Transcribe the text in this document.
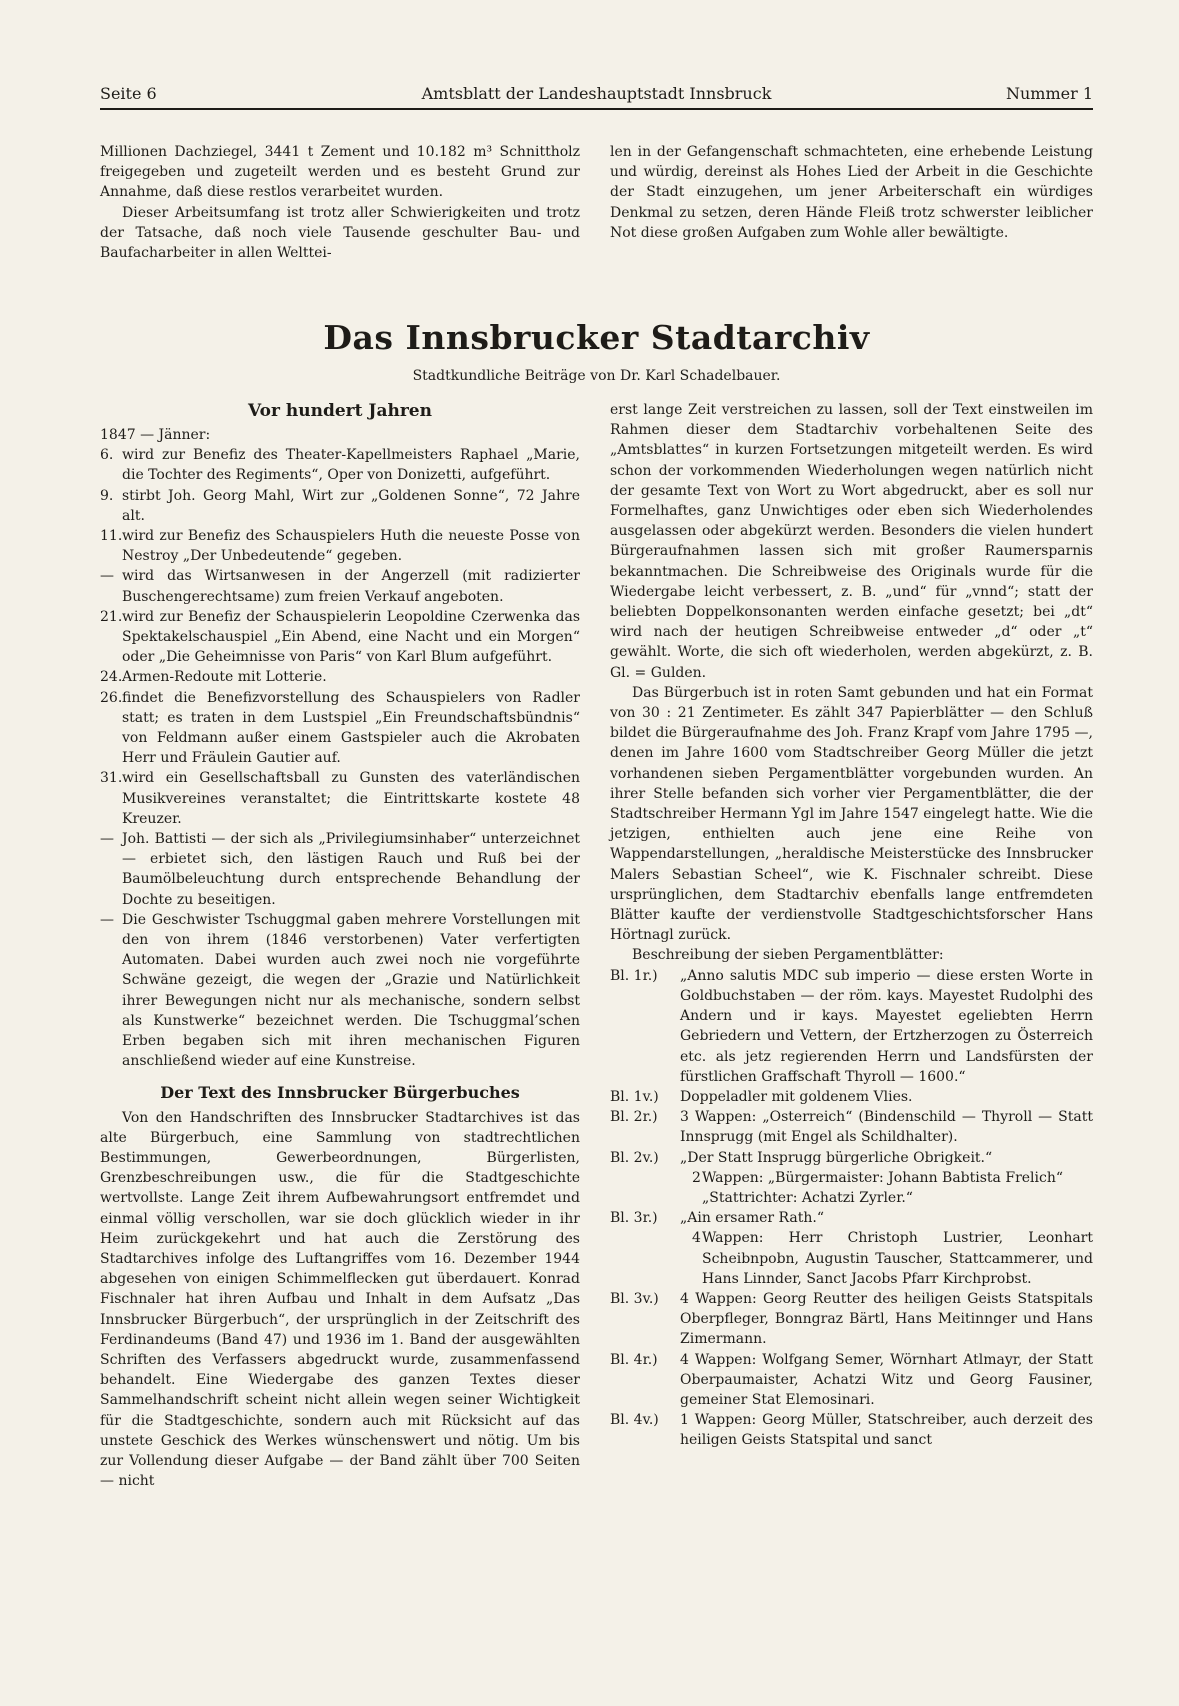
Seite 6	Amtsblatt der Landeshauptstadt Innsbruck	Nummer 1

Millionen Dachziegel, 3441 t Zement und 10.182 m³ Schnittholz freigegeben und zugeteilt werden und es besteht Grund zur Annahme, daß diese restlos verarbeitet wurden.

Dieser Arbeitsumfang ist trotz aller Schwierigkeiten und trotz der Tatsache, daß noch viele Tausende geschulter Bau- und Baufacharbeiter in allen Welttei-

len in der Gefangenschaft schmachteten, eine erhebende Leistung und würdig, dereinst als Hohes Lied der Arbeit in die Geschichte der Stadt einzugehen, um jener Arbeiterschaft ein würdiges Denkmal zu setzen, deren Hände Fleiß trotz schwerster leiblicher Not diese großen Aufgaben zum Wohle aller bewältigte.

Das Innsbrucker Stadtarchiv
Stadtkundliche Beiträge von Dr. Karl Schadelbauer.
Vor hundert Jahren

1847 — Jänner:

6. wird zur Benefiz des Theater-Kapellmeisters Raphael „Marie, die Tochter des Regiments“, Oper von Donizetti, aufgeführt.
9. stirbt Joh. Georg Mahl, Wirt zur „Goldenen Sonne“, 72 Jahre alt.
11. wird zur Benefiz des Schauspielers Huth die neueste Posse von Nestroy „Der Unbedeutende“ gegeben.
— wird das Wirtsanwesen in der Angerzell (mit radizierter Buschengerechtsame) zum freien Verkauf angeboten.
21. wird zur Benefiz der Schauspielerin Leopoldine Czerwenka das Spektakelschauspiel „Ein Abend, eine Nacht und ein Morgen“ oder „Die Geheimnisse von Paris“ von Karl Blum aufgeführt.
24. Armen-Redoute mit Lotterie.
26. findet die Benefizvorstellung des Schauspielers von Radler statt; es traten in dem Lustspiel „Ein Freundschaftsbündnis“ von Feldmann außer einem Gastspieler auch die Akrobaten Herr und Fräulein Gautier auf.
31. wird ein Gesellschaftsball zu Gunsten des vaterländischen Musikvereines veranstaltet; die Eintrittskarte kostete 48 Kreuzer.
— Joh. Battisti — der sich als „Privilegiumsinhaber“ unterzeichnet — erbietet sich, den lästigen Rauch und Ruß bei der Baumölbeleuchtung durch entsprechende Behandlung der Dochte zu beseitigen.
— Die Geschwister Tschuggmal gaben mehrere Vorstellungen mit den von ihrem (1846 verstorbenen) Vater verfertigten Automaten. Dabei wurden auch zwei noch nie vorgeführte Schwäne gezeigt, die wegen der „Grazie und Natürlichkeit ihrer Bewegungen nicht nur als mechanische, sondern selbst als Kunstwerke“ bezeichnet werden. Die Tschuggmal’schen Erben begaben sich mit ihren mechanischen Figuren anschließend wieder auf eine Kunstreise.
Der Text des Innsbrucker Bürgerbuches

Von den Handschriften des Innsbrucker Stadtarchives ist das alte Bürgerbuch, eine Sammlung von stadtrechtlichen Bestimmungen, Gewerbeordnungen, Bürgerlisten, Grenzbeschreibungen usw., die für die Stadtgeschichte wertvollste. Lange Zeit ihrem Aufbewahrungsort entfremdet und einmal völlig verschollen, war sie doch glücklich wieder in ihr Heim zurückgekehrt und hat auch die Zerstörung des Stadtarchives infolge des Luftangriffes vom 16. Dezember 1944 abgesehen von einigen Schimmelflecken gut überdauert. Konrad Fischnaler hat ihren Aufbau und Inhalt in dem Aufsatz „Das Innsbrucker Bürgerbuch“, der ursprünglich in der Zeitschrift des Ferdinandeums (Band 47) und 1936 im 1. Band der ausgewählten Schriften des Verfassers abgedruckt wurde, zusammenfassend behandelt. Eine Wiedergabe des ganzen Textes dieser Sammelhandschrift scheint nicht allein wegen seiner Wichtigkeit für die Stadtgeschichte, sondern auch mit Rücksicht auf das unstete Geschick des Werkes wünschenswert und nötig. Um bis zur Vollendung dieser Aufgabe — der Band zählt über 700 Seiten — nicht

erst lange Zeit verstreichen zu lassen, soll der Text einstweilen im Rahmen dieser dem Stadtarchiv vorbehaltenen Seite des „Amtsblattes“ in kurzen Fortsetzungen mitgeteilt werden. Es wird schon der vorkommenden Wiederholungen wegen natürlich nicht der gesamte Text von Wort zu Wort abgedruckt, aber es soll nur Formelhaftes, ganz Unwichtiges oder eben sich Wiederholendes ausgelassen oder abgekürzt werden. Besonders die vielen hundert Bürgeraufnahmen lassen sich mit großer Raumersparnis bekanntmachen. Die Schreibweise des Originals wurde für die Wiedergabe leicht verbessert, z. B. „und“ für „vnnd“; statt der beliebten Doppelkonsonanten werden einfache gesetzt; bei „dt“ wird nach der heutigen Schreibweise entweder „d“ oder „t“ gewählt. Worte, die sich oft wiederholen, werden abgekürzt, z. B. Gl. = Gulden.

Das Bürgerbuch ist in roten Samt gebunden und hat ein Format von 30 : 21 Zentimeter. Es zählt 347 Papierblätter — den Schluß bildet die Bürgeraufnahme des Joh. Franz Krapf vom Jahre 1795 —, denen im Jahre 1600 vom Stadtschreiber Georg Müller die jetzt vorhandenen sieben Pergamentblätter vorgebunden wurden. An ihrer Stelle befanden sich vorher vier Pergamentblätter, die der Stadtschreiber Hermann Ygl im Jahre 1547 eingelegt hatte. Wie die jetzigen, enthielten auch jene eine Reihe von Wappendarstellungen, „heraldische Meisterstücke des Innsbrucker Malers Sebastian Scheel“, wie K. Fischnaler schreibt. Diese ursprünglichen, dem Stadtarchiv ebenfalls lange entfremdeten Blätter kaufte der verdienstvolle Stadtgeschichtsforscher Hans Hörtnagl zurück.

Beschreibung der sieben Pergamentblätter:

Bl. 1r.) „Anno salutis MDC sub imperio — diese ersten Worte in Goldbuchstaben — der röm. kays. Mayestet Rudolphi des Andern und ir kays. Mayestet egeliebten Herrn Gebriedern und Vettern, der Ertzherzogen zu Österreich etc. als jetz regierenden Herrn und Landsfürsten der fürstlichen Graffschaft Thyroll — 1600.“
Bl. 1v.) Doppeladler mit goldenem Vlies.
Bl. 2r.) 3 Wappen: „Osterreich“ (Bindenschild — Thyroll — Statt Innsprugg (mit Engel als Schildhalter).
Bl. 2v.) „Der Statt Insprugg bürgerliche Obrigkeit.“
2 Wappen: „Bürgermaister: Johann Babtista Frelich“
„Stattrichter: Achatzi Zyrler.“
Bl. 3r.) „Ain ersamer Rath.“
4 Wappen: Herr Christoph Lustrier, Leonhart Scheibnpobn, Augustin Tauscher, Stattcammerer, und Hans Linnder, Sanct Jacobs Pfarr Kirchprobst.
Bl. 3v.) 4 Wappen: Georg Reutter des heiligen Geists Statspitals Oberpfleger, Bonngraz Bärtl, Hans Meitinnger und Hans Zimermann.
Bl. 4r.) 4 Wappen: Wolfgang Semer, Wörnhart Atlmayr, der Statt Oberpaumaister, Achatzi Witz und Georg Fausiner, gemeiner Stat Elemosinari.
Bl. 4v.) 1 Wappen: Georg Müller, Statschreiber, auch derzeit des heiligen Geists Statspital und sanct
